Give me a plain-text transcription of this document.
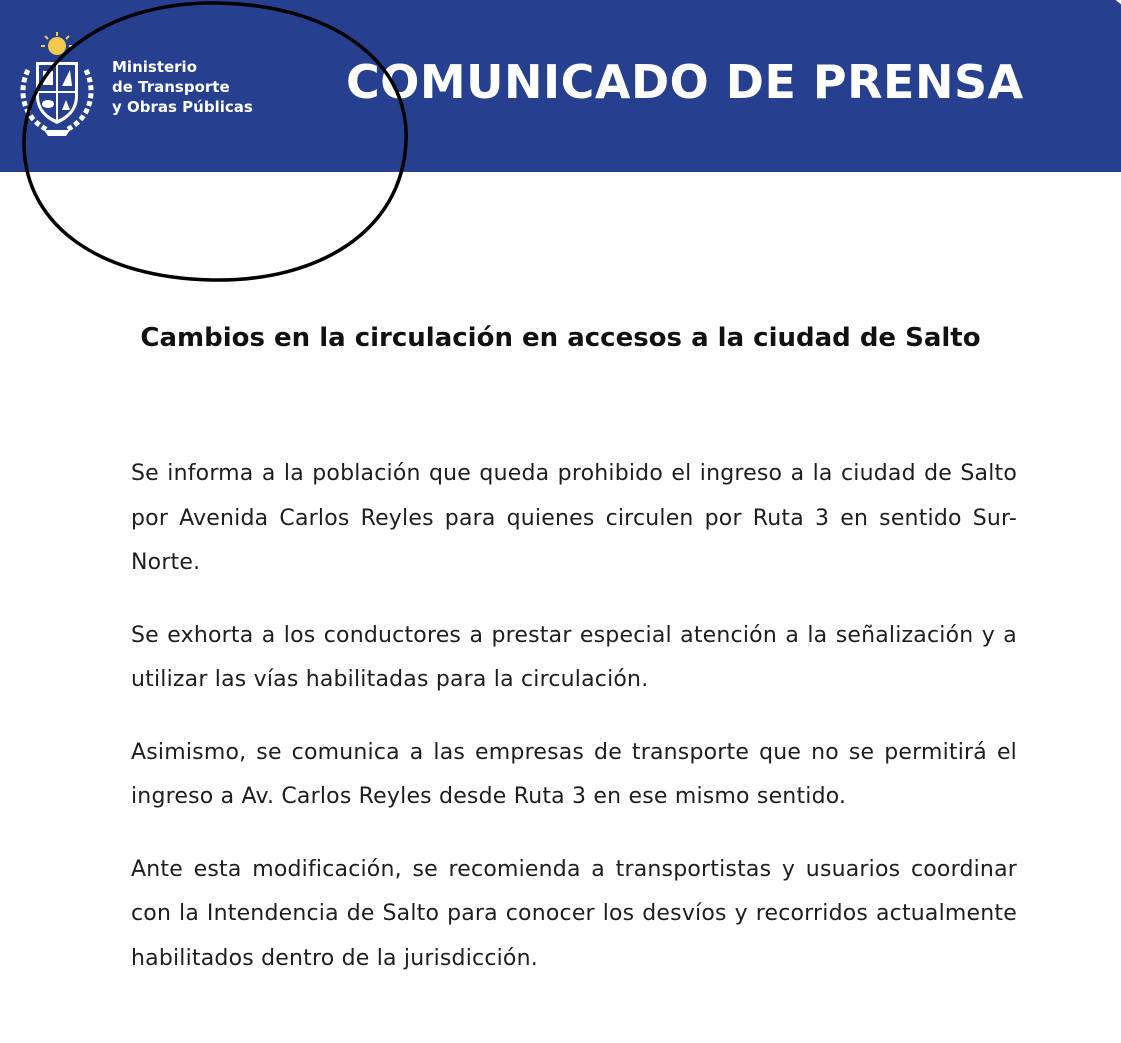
Ministerio
de Transporte
y Obras Públicas COMUNICADO DE PRENSA
Cambios en la circulación en accesos a la ciudad de Salto

Se informa a la población que queda prohibido el ingreso a la ciudad de Salto por Avenida Carlos Reyles para quienes circulen por Ruta 3 en sentido Sur-Norte.

Se exhorta a los conductores a prestar especial atención a la señalización y a utilizar las vías habilitadas para la circulación.

Asimismo, se comunica a las empresas de transporte que no se permitirá el ingreso a Av. Carlos Reyles desde Ruta 3 en ese mismo sentido.

Ante esta modificación, se recomienda a transportistas y usuarios coordinar con la Intendencia de Salto para conocer los desvíos y recorridos actualmente habilitados dentro de la jurisdicción.
